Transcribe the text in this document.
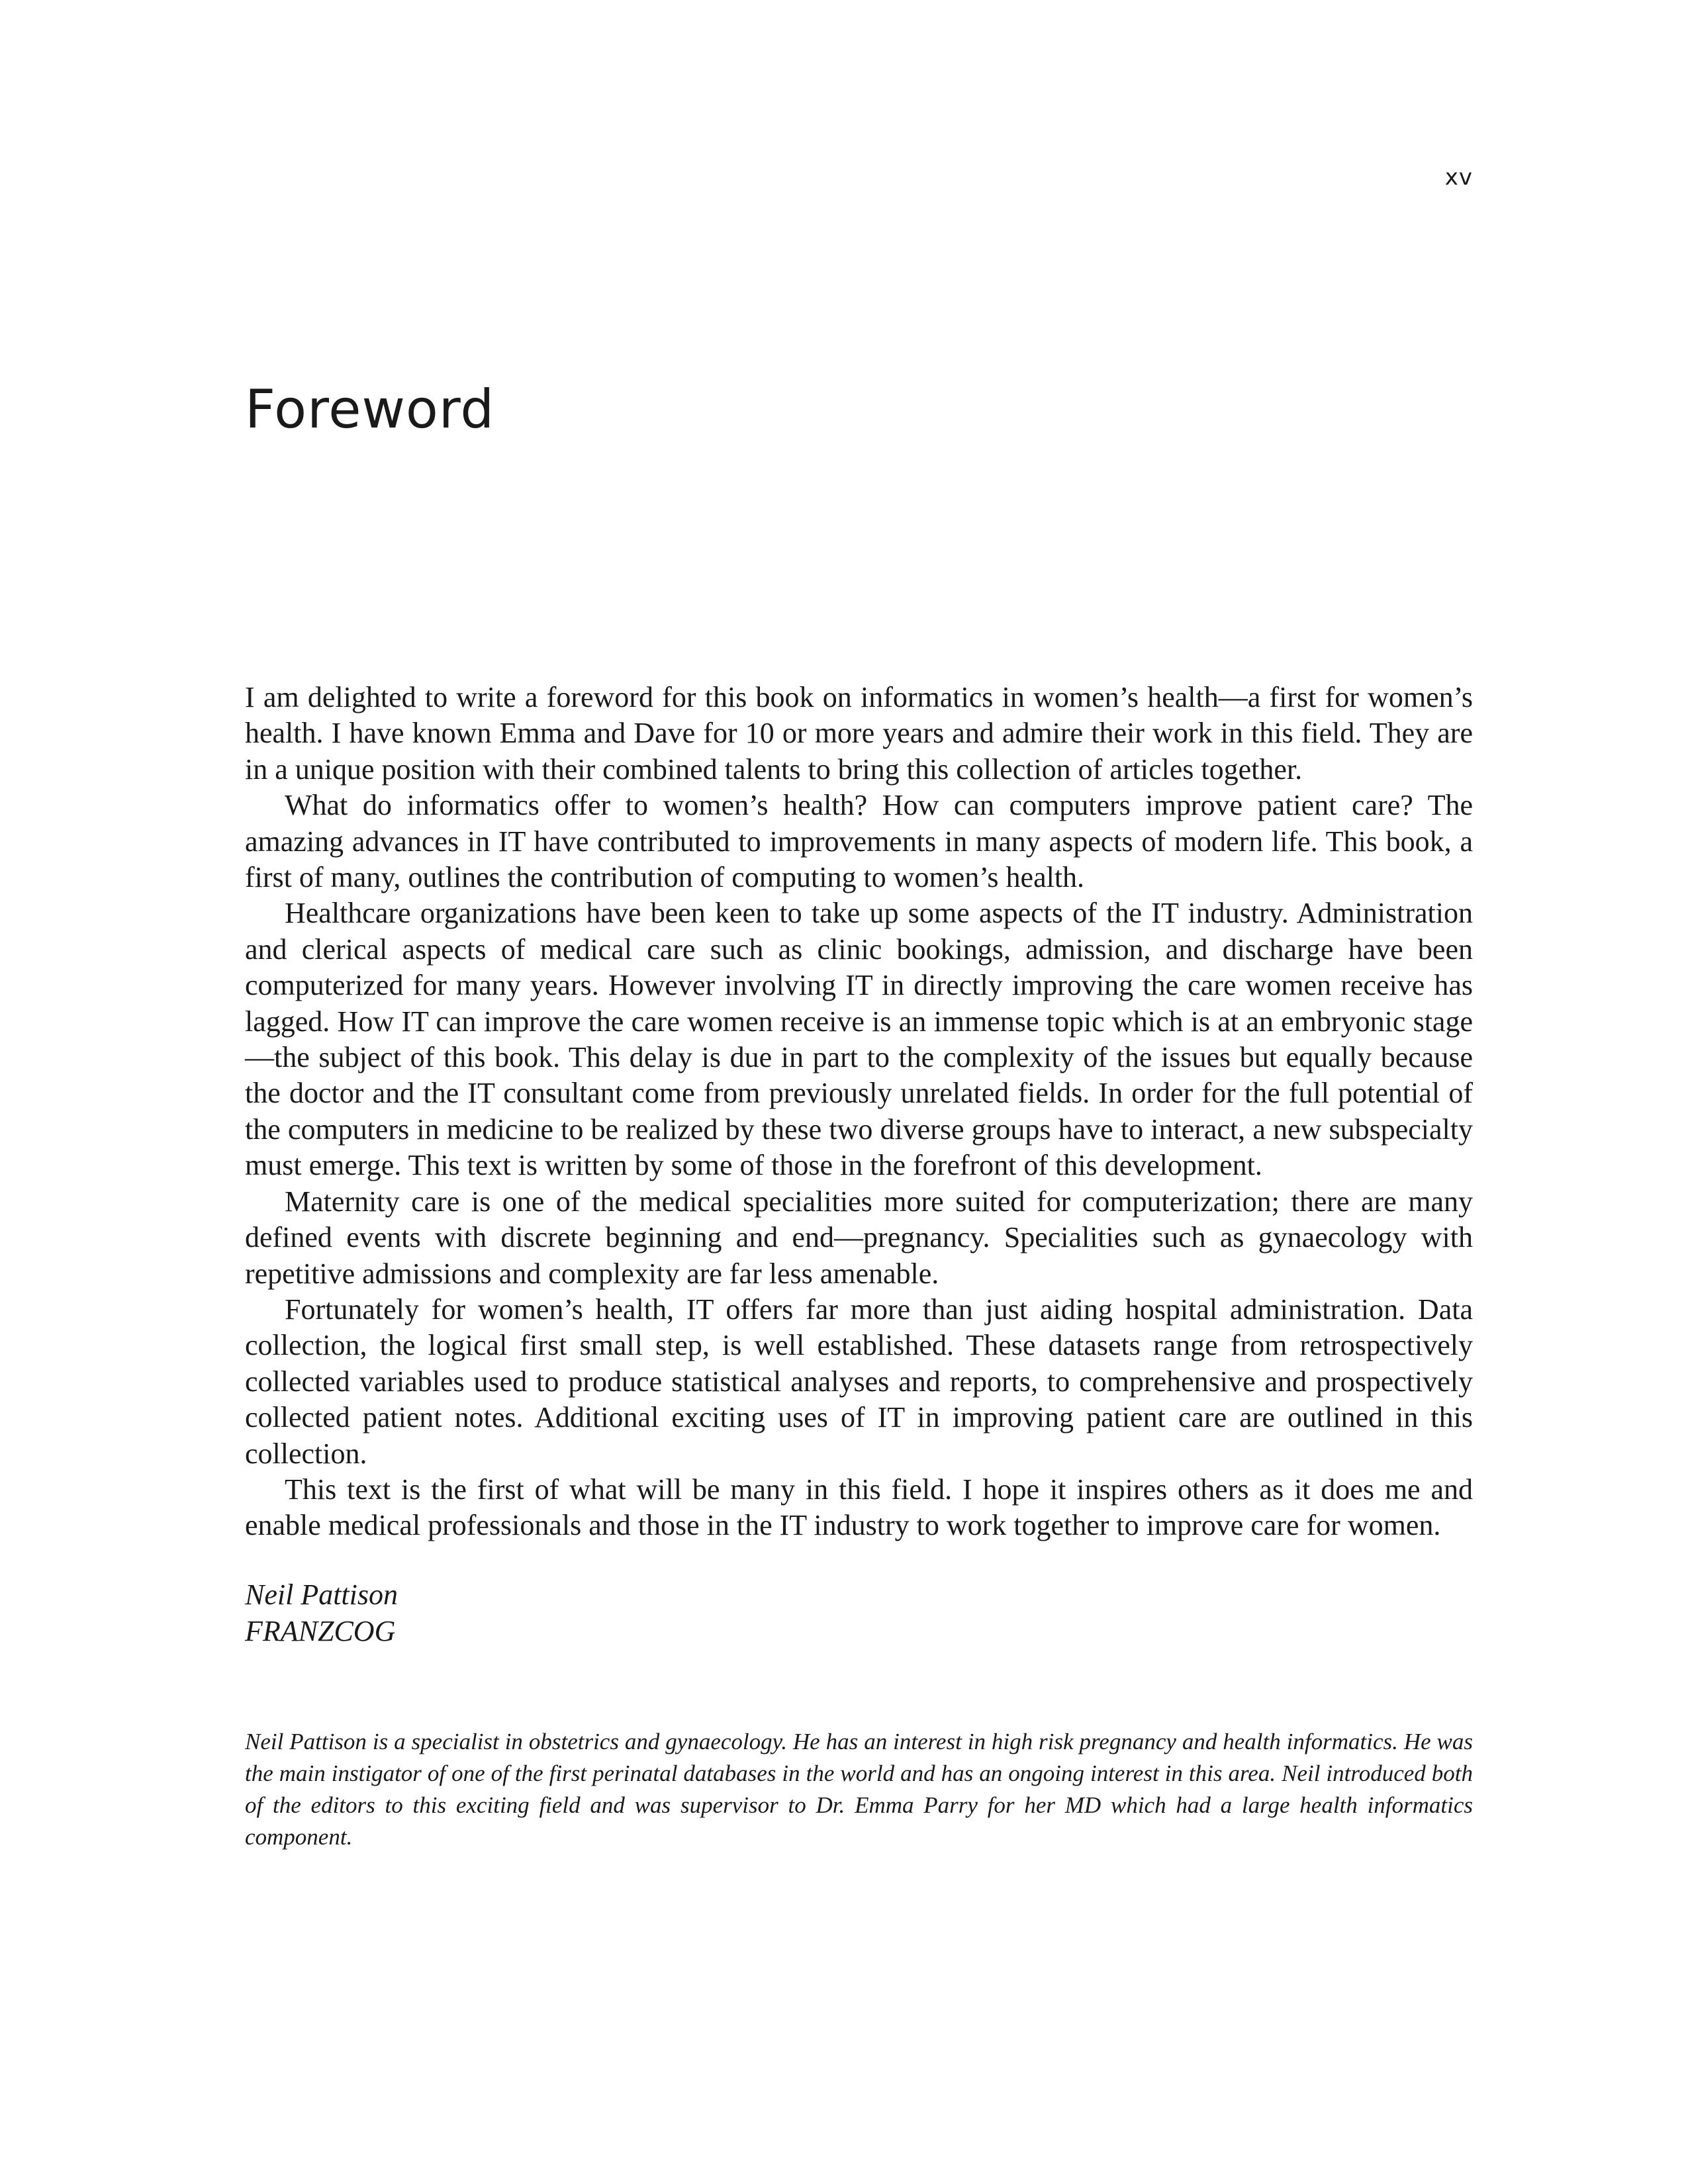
xv
Foreword

I am delighted to write a foreword for this book on informatics in women’s health—a first for women’s health. I have known Emma and Dave for 10 or more years and admire their work in this field. They are in a unique position with their combined talents to bring this collection of articles together.

What do informatics offer to women’s health? How can computers improve patient care? The amazing advances in IT have contributed to improvements in many aspects of modern life. This book, a first of many, outlines the contribution of computing to women’s health.

Healthcare organizations have been keen to take up some aspects of the IT industry. Administration and clerical aspects of medical care such as clinic bookings, admission, and discharge have been computerized for many years. However involving IT in directly improving the care women receive has lagged. How IT can improve the care women receive is an immense topic which is at an embryonic stage—the subject of this book. This delay is due in part to the complexity of the issues but equally because the doctor and the IT consultant come from previously unrelated fields. In order for the full potential of the computers in medicine to be realized by these two diverse groups have to interact, a new subspecialty must emerge. This text is written by some of those in the forefront of this development.

Maternity care is one of the medical specialities more suited for computerization; there are many defined events with discrete beginning and end—pregnancy. Specialities such as gynaecology with repetitive admissions and complexity are far less amenable.

Fortunately for women’s health, IT offers far more than just aiding hospital administration. Data collection, the logical first small step, is well established. These datasets range from retrospectively collected variables used to produce statistical analyses and reports, to comprehensive and prospectively collected patient notes. Additional exciting uses of IT in improving patient care are outlined in this collection.

This text is the first of what will be many in this field. I hope it inspires others as it does me and enable medical professionals and those in the IT industry to work together to improve care for women.

Neil Pattison
FRANZCOG

Neil Pattison is a specialist in obstetrics and gynaecology. He has an interest in high risk pregnancy and health informatics. He was the main instigator of one of the first perinatal databases in the world and has an ongoing interest in this area. Neil introduced both of the editors to this exciting field and was supervisor to Dr. Emma Parry for her MD which had a large health informatics component.
